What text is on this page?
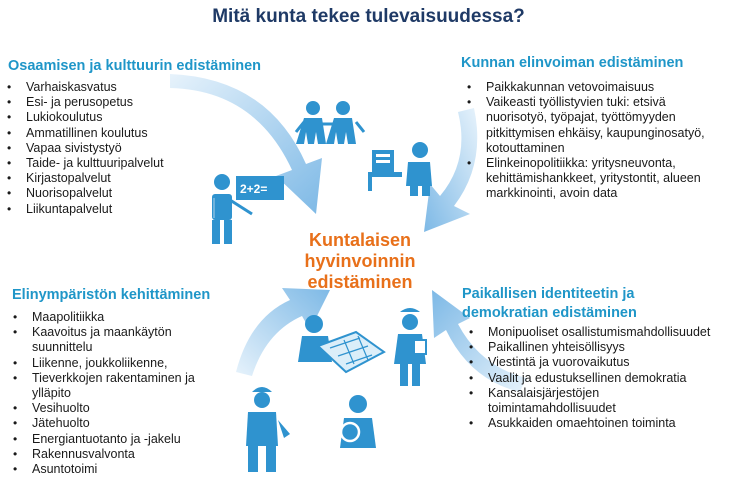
Mitä kunta tekee tulevaisuudessa?
2+2=
Osaamisen ja kulttuurin edistäminen
• Varhaiskasvatus
• Esi- ja perusopetus
• Lukiokoulutus
• Ammatillinen koulutus
• Vapaa sivistystyö
• Taide- ja kulttuuripalvelut
• Kirjastopalvelut
• Nuorisopalvelut
• Liikuntapalvelut
Kunnan elinvoiman edistäminen
• Paikkakunnan vetovoimaisuus
• Vaikeasti työllistyvien tuki: etsivä nuorisotyö, työpajat, työttömyyden pitkittymisen ehkäisy, kaupunginosatyö, kotouttaminen
• Elinkeinopolitiikka: yritysneuvonta, kehittämishankkeet, yritystontit, alueen markkinointi, avoin data
Kuntalaisen
hyvinvoinnin
edistäminen
Elinympäristön kehittäminen
• Maapolitiikka
• Kaavoitus ja maankäytön suunnittelu
• Liikenne, joukkoliikenne,
• Tieverkkojen rakentaminen ja ylläpito
• Vesihuolto
• Jätehuolto
• Energiantuotanto ja -jakelu
• Rakennusvalvonta
• Asuntotoimi
Paikallisen identiteetin ja demokratian edistäminen
• Monipuoliset osallistumismahdollisuudet
• Paikallinen yhteisöllisyys
• Viestintä ja vuorovaikutus
• Vaalit ja edustuksellinen demokratia
• Kansalaisjärjestöjen toimintamahdollisuudet
• Asukkaiden omaehtoinen toiminta
